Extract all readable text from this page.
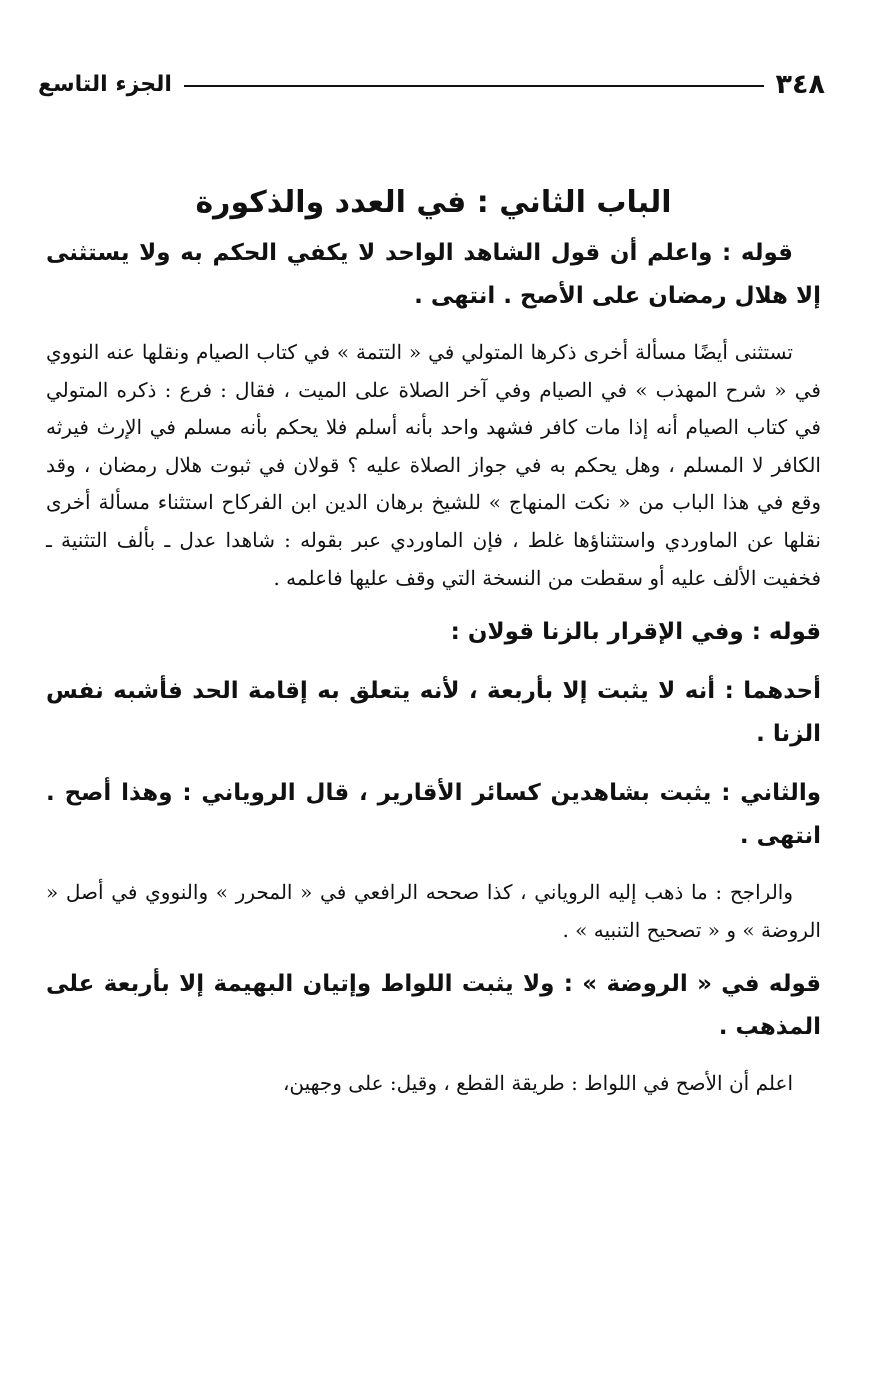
٣٤٨
الجزء التاسع
الباب الثاني : في العدد والذكورة

قوله : واعلم أن قول الشاهد الواحد لا يكفي الحكم به ولا يستثنى إلا هلال رمضان على الأصح . انتهى .

تستثنى أيضًا مسألة أخرى ذكرها المتولي في « التتمة » في كتاب الصيام ونقلها عنه النووي في « شرح المهذب » في الصيام وفي آخر الصلاة على الميت ، فقال : فرع : ذكره المتولي في كتاب الصيام أنه إذا مات كافر فشهد واحد بأنه أسلم فلا يحكم بأنه مسلم في الإرث فيرثه الكافر لا المسلم ، وهل يحكم به في جواز الصلاة عليه ؟ قولان في ثبوت هلال رمضان ، وقد وقع في هذا الباب من « نكت المنهاج » للشيخ برهان الدين ابن الفركاح استثناء مسألة أخرى نقلها عن الماوردي واستثناؤها غلط ، فإن الماوردي عبر بقوله : شاهدا عدل ـ بألف التثنية ـ فخفيت الألف عليه أو سقطت من النسخة التي وقف عليها فاعلمه .

قوله : وفي الإقرار بالزنا قولان :

أحدهما : أنه لا يثبت إلا بأربعة ، لأنه يتعلق به إقامة الحد فأشبه نفس الزنا .

والثاني : يثبت بشاهدين كسائر الأقارير ، قال الروياني : وهذا أصح . انتهى .

والراجح : ما ذهب إليه الروياني ، كذا صححه الرافعي في « المحرر » والنووي في أصل « الروضة » و « تصحيح التنبيه » .

قوله في « الروضة » : ولا يثبت اللواط وإتيان البهيمة إلا بأربعة على المذهب .

اعلم أن الأصح في اللواط : طريقة القطع ، وقيل: على وجهين،
